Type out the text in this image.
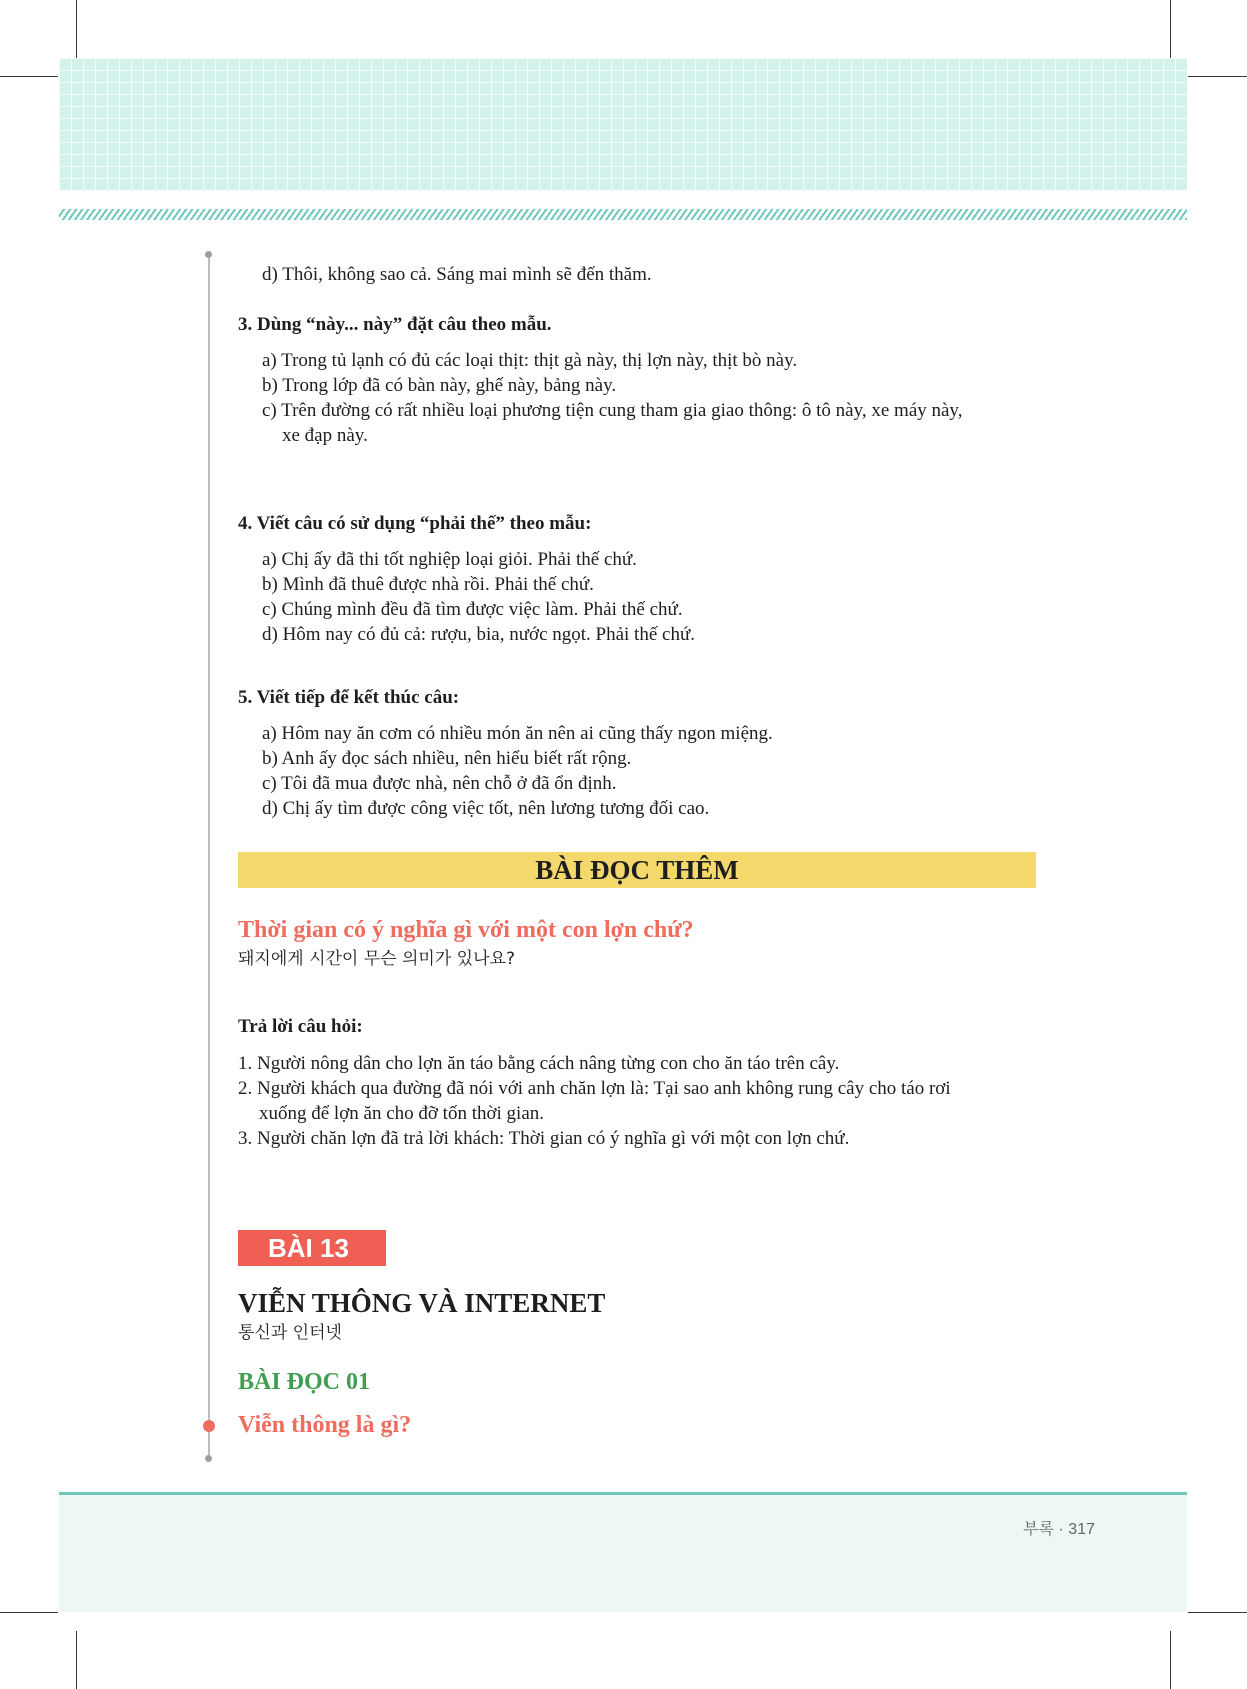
d) Thôi, không sao cả. Sáng mai mình sẽ đến thăm.
3. Dùng “này... này” đặt câu theo mẫu.
a) Trong tủ lạnh có đủ các loại thịt: thịt gà này, thị lợn này, thịt bò này.
b) Trong lớp đã có bàn này, ghế này, bảng này.
c) Trên đường có rất nhiều loại phương tiện cung tham gia giao thông: ô tô này, xe máy này,
xe đạp này.
4. Viết câu có sử dụng “phải thế” theo mẫu:
a) Chị ấy đã thi tốt nghiệp loại giỏi. Phải thế chứ.
b) Mình đã thuê được nhà rồi. Phải thế chứ.
c) Chúng mình đều đã tìm được việc làm. Phải thế chứ.
d) Hôm nay có đủ cả: rượu, bia, nước ngọt. Phải thế chứ.
5. Viết tiếp để kết thúc câu:
a) Hôm nay ăn cơm có nhiều món ăn nên ai cũng thấy ngon miệng.
b) Anh ấy đọc sách nhiều, nên hiểu biết rất rộng.
c) Tôi đã mua được nhà, nên chỗ ở đã ổn định.
d) Chị ấy tìm được công việc tốt, nên lương tương đối cao.
BÀI ĐỌC THÊM
Thời gian có ý nghĩa gì với một con lợn chứ?
돼지에게 시간이 무슨 의미가 있나요?
Trả lời câu hỏi:
1. Người nông dân cho lợn ăn táo bằng cách nâng từng con cho ăn táo trên cây.
2. Người khách qua đường đã nói với anh chăn lợn là: Tại sao anh không rung cây cho táo rơi
xuống để lợn ăn cho đỡ tốn thời gian.
3. Người chăn lợn đã trả lời khách: Thời gian có ý nghĩa gì với một con lợn chứ.
BÀI 13
VIỄN THÔNG VÀ INTERNET
통신과 인터넷
BÀI ĐỌC 01
Viễn thông là gì?
부록 · 317
